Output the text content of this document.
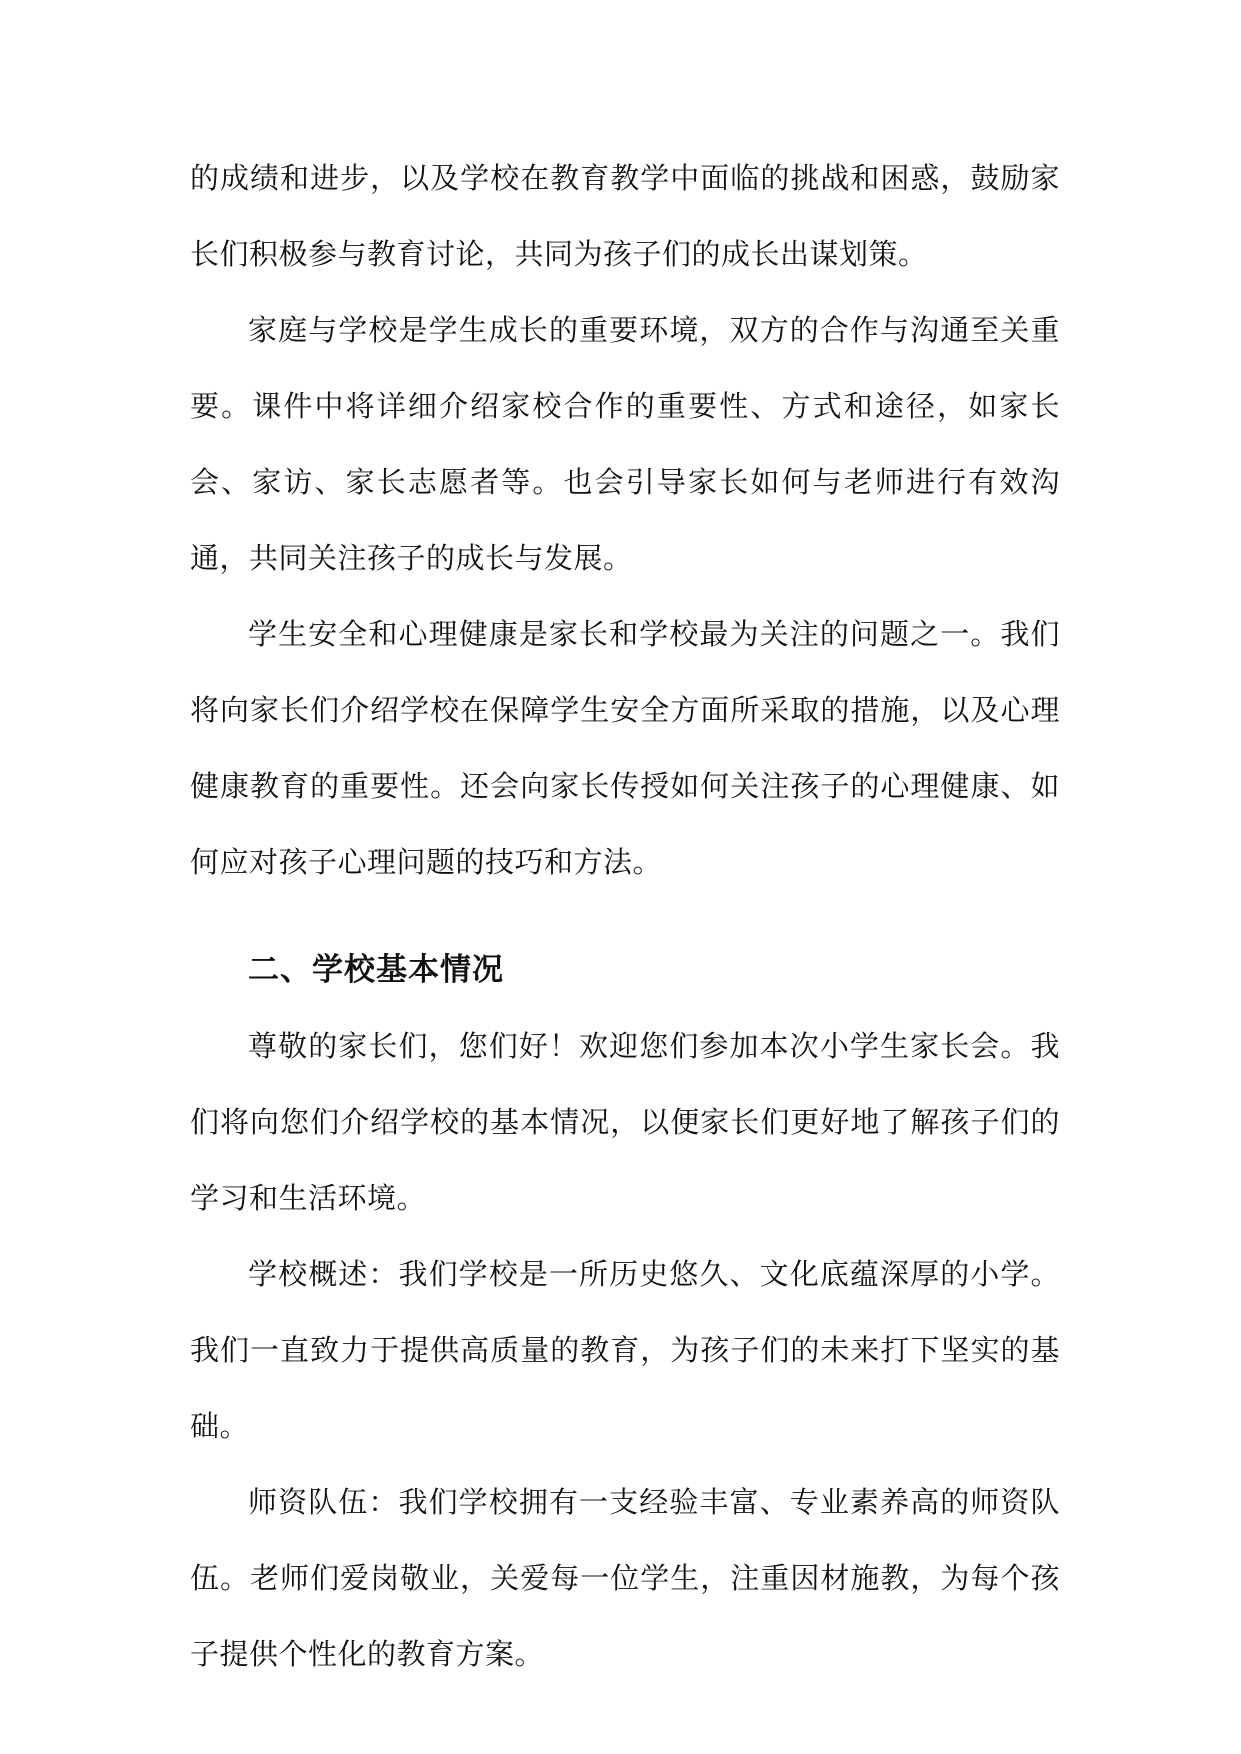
的成绩和进步，以及学校在教育教学中面临的挑战和困惑，鼓励家长们积极参与教育讨论，共同为孩子们的成长出谋划策。

家庭与学校是学生成长的重要环境，双方的合作与沟通至关重要。课件中将详细介绍家校合作的重要性、方式和途径，如家长会、家访、家长志愿者等。也会引导家长如何与老师进行有效沟通，共同关注孩子的成长与发展。

学生安全和心理健康是家长和学校最为关注的问题之一。我们将向家长们介绍学校在保障学生安全方面所采取的措施，以及心理健康教育的重要性。还会向家长传授如何关注孩子的心理健康、如何应对孩子心理问题的技巧和方法。

二、学校基本情况

尊敬的家长们，您们好！欢迎您们参加本次小学生家长会。我们将向您们介绍学校的基本情况，以便家长们更好地了解孩子们的学习和生活环境。

学校概述：我们学校是一所历史悠久、文化底蕴深厚的小学。我们一直致力于提供高质量的教育，为孩子们的未来打下坚实的基础。

师资队伍：我们学校拥有一支经验丰富、专业素养高的师资队伍。老师们爱岗敬业，关爱每一位学生，注重因材施教，为每个孩子提供个性化的教育方案。
